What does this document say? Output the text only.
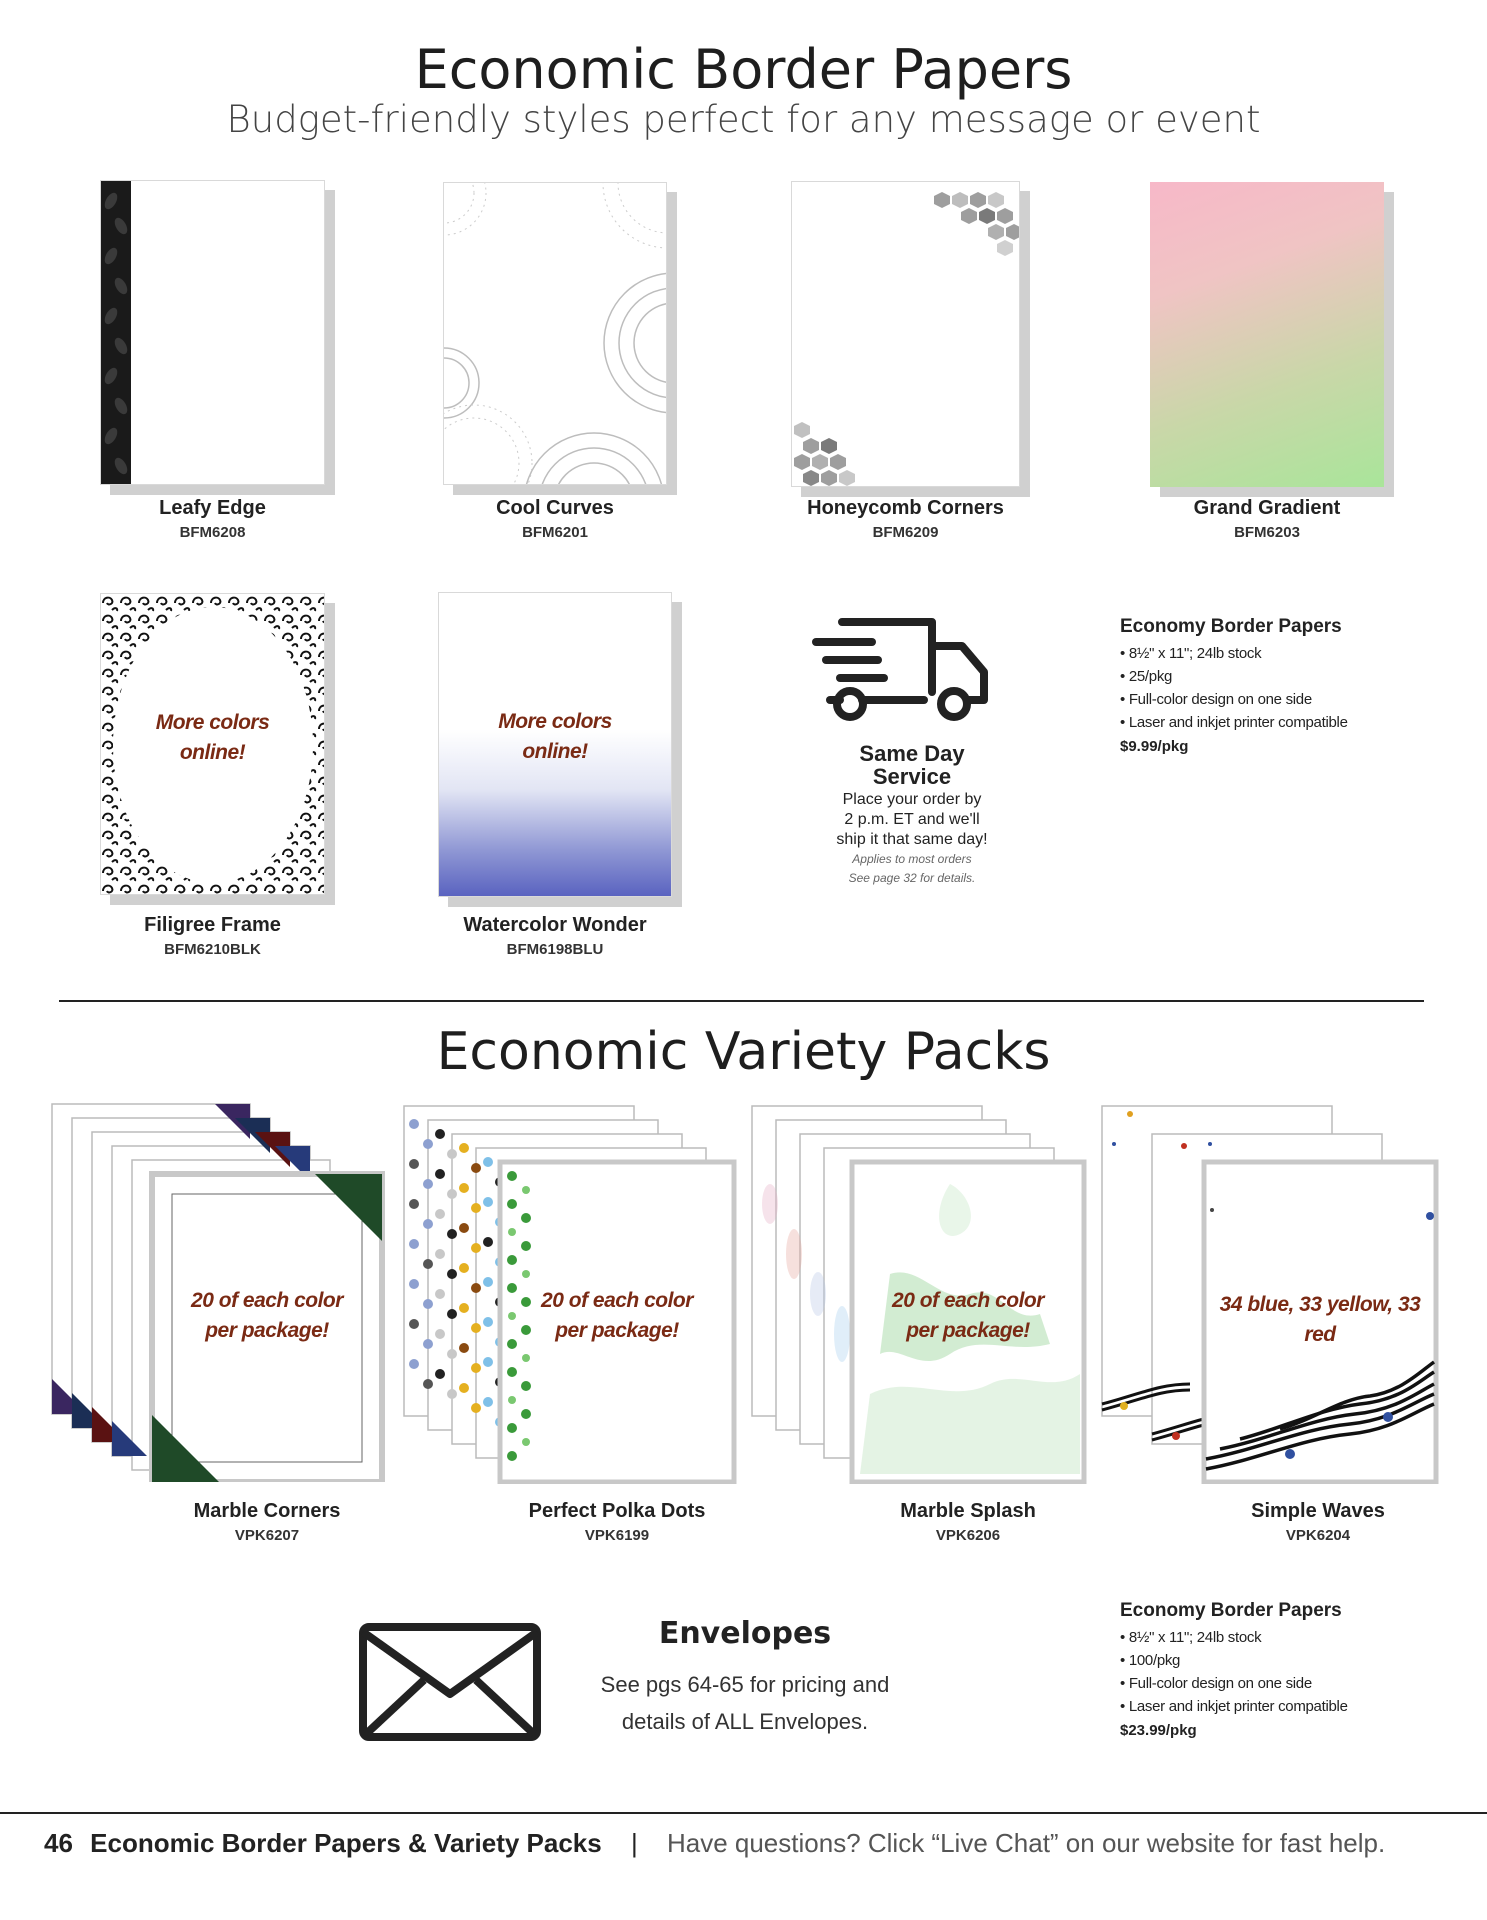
Economic Border Papers
Budget-friendly styles perfect for any message or event
Leafy Edge
BFM6208
Cool Curves
BFM6201
Honeycomb Corners
BFM6209
Grand Gradient
BFM6203
More colors
online!
Filigree Frame
BFM6210BLK
More colors
online!
Watercolor Wonder
BFM6198BLU
Same Day
Service
Place your order by
2 p.m. ET and we'll
ship it that same day!
Applies to most orders
See page 32 for details.
Economy Border Papers
• 8½" x 11"; 24lb stock
• 25/pkg
• Full-color design on one side
• Laser and inkjet printer compatible
$9.99/pkg
Economic Variety Packs
20 of each color
per package!
Marble Corners
VPK6207
20 of each color
per package!
Perfect Polka Dots
VPK6199
20 of each color
per package!
Marble Splash
VPK6206
34 blue, 33 yellow, 33 red
Simple Waves
VPK6204
Envelopes
See pgs 64-65 for pricing and
details of ALL Envelopes.
Economy Border Papers
• 8½" x 11"; 24lb stock
• 100/pkg
• Full-color design on one side
• Laser and inkjet printer compatible
$23.99/pkg
46 Economic Border Papers & Variety Packs | Have questions? Click “Live Chat” on our website for fast help.
